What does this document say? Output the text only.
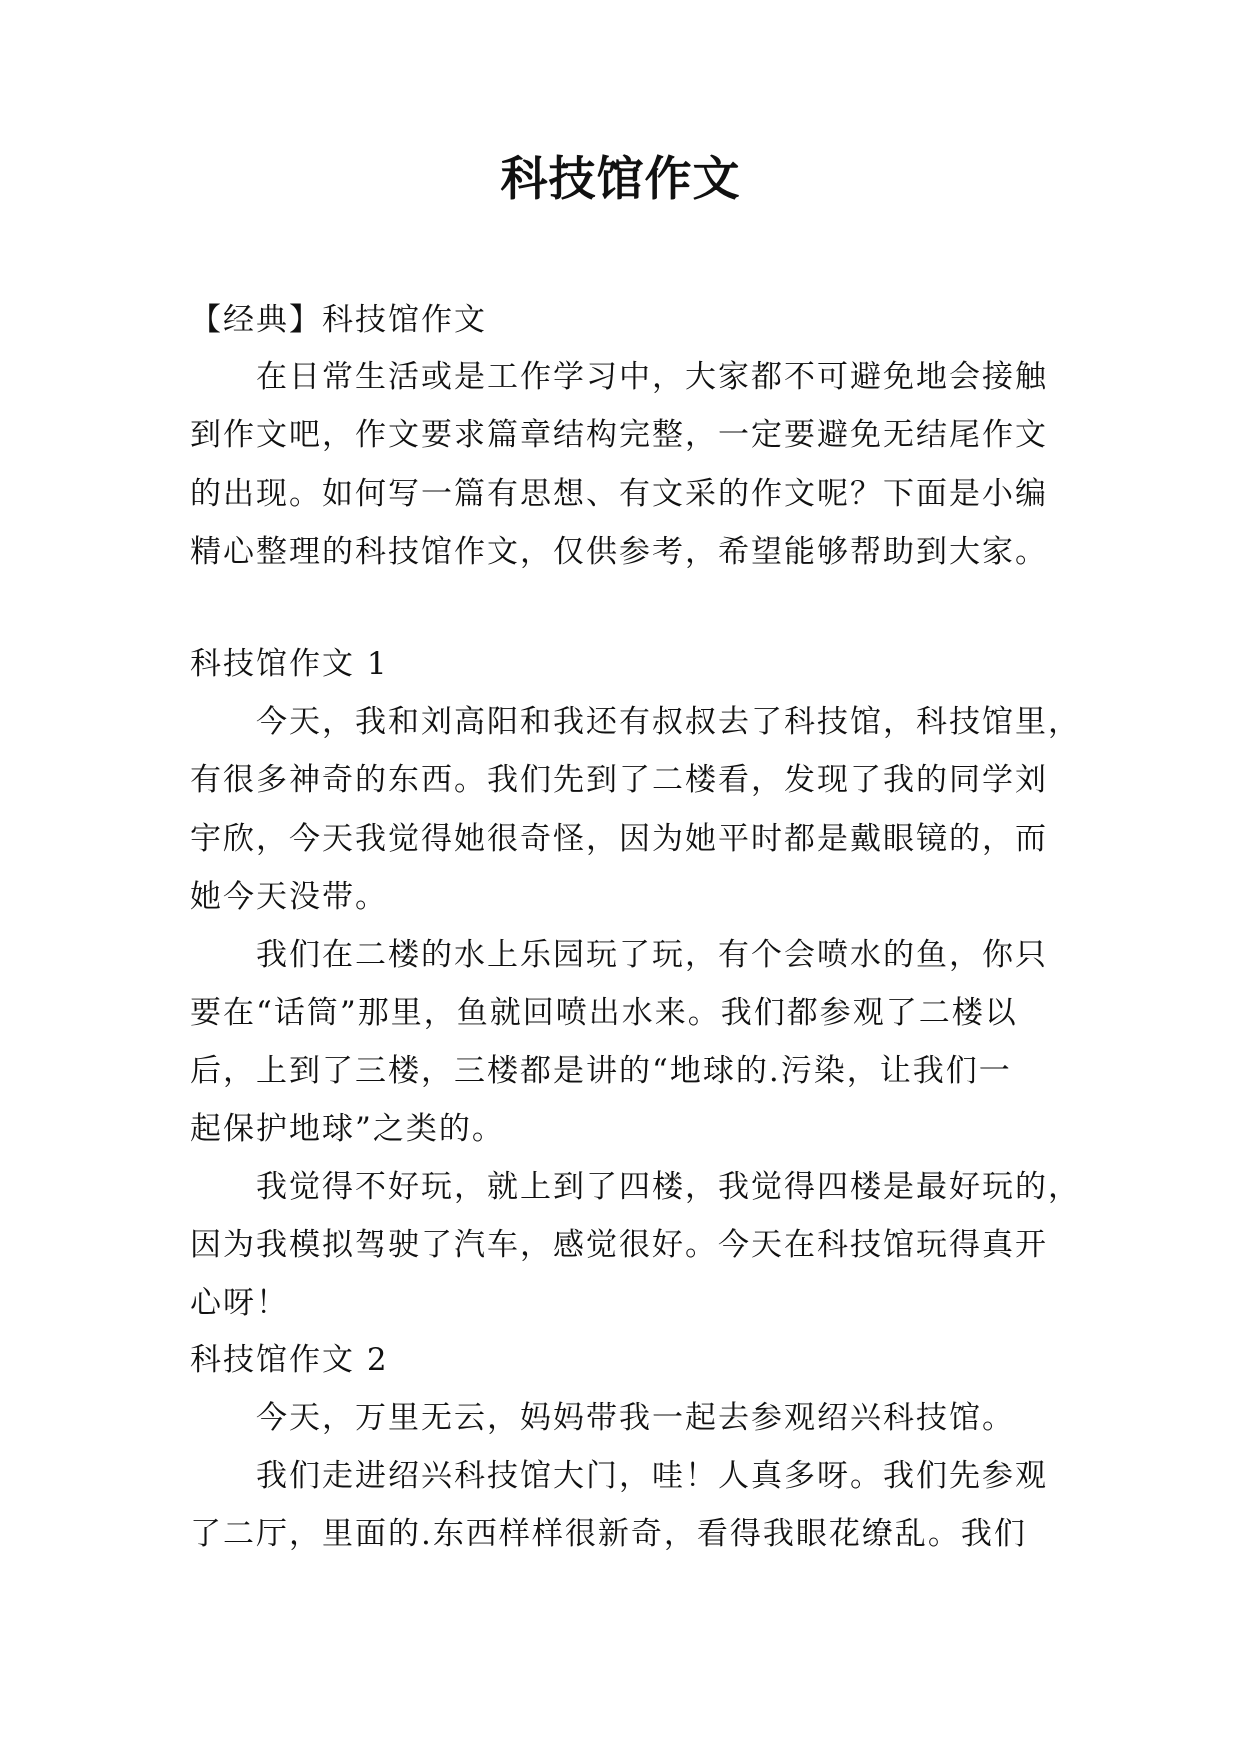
科技馆作文
【经典】科技馆作文
在日常生活或是工作学习中，大家都不可避免地会接触
到作文吧，作文要求篇章结构完整，一定要避免无结尾作文
的出现。如何写一篇有思想、有文采的作文呢？下面是小编
精心整理的科技馆作文，仅供参考，希望能够帮助到大家。
科技馆作文 1
今天，我和刘高阳和我还有叔叔去了科技馆，科技馆里，
有很多神奇的东西。我们先到了二楼看，发现了我的同学刘
宇欣，今天我觉得她很奇怪，因为她平时都是戴眼镜的，而
她今天没带。
我们在二楼的水上乐园玩了玩，有个会喷水的鱼，你只
要在“话筒”那里，鱼就回喷出水来。我们都参观了二楼以
后，上到了三楼，三楼都是讲的“地球的.污染，让我们一
起保护地球”之类的。
我觉得不好玩，就上到了四楼，我觉得四楼是最好玩的，
因为我模拟驾驶了汽车，感觉很好。今天在科技馆玩得真开
心呀！
科技馆作文 2
今天，万里无云，妈妈带我一起去参观绍兴科技馆。
我们走进绍兴科技馆大门，哇！人真多呀。我们先参观
了二厅，里面的.东西样样很新奇，看得我眼花缭乱。我们
